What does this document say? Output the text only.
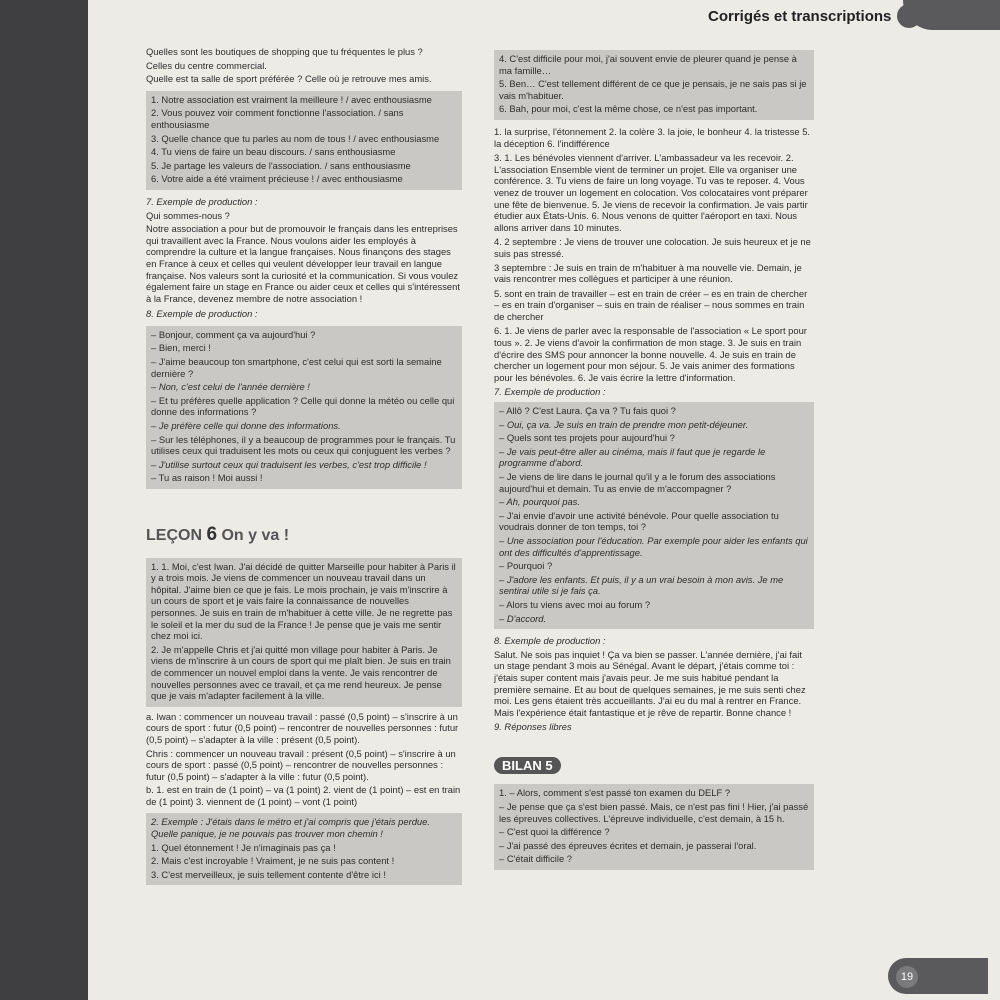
Corrigés et transcriptions
19

Quelles sont les boutiques de shopping que tu fréquentes le plus ?

Celles du centre commercial.

Quelle est ta salle de sport préférée ? Celle où je retrouve mes amis.

1. Notre association est vraiment la meilleure ! / avec enthousiasme

2. Vous pouvez voir comment fonctionne l'association. / sans enthousiasme

3. Quelle chance que tu parles au nom de tous ! / avec enthousiasme

4. Tu viens de faire un beau discours. / sans enthousiasme

5. Je partage les valeurs de l'association. / sans enthousiasme

6. Votre aide a été vraiment précieuse ! / avec enthousiasme

7. Exemple de production :

Qui sommes-nous ?

Notre association a pour but de promouvoir le français dans les entreprises qui travaillent avec la France. Nous voulons aider les employés à comprendre la culture et la langue françaises. Nous finançons des stages en France à ceux et celles qui veulent développer leur travail en langue française. Nos valeurs sont la curiosité et la communication. Si vous voulez également faire un stage en France ou aider ceux et celles qui s'intéressent à la France, devenez membre de notre association !

8. Exemple de production :

– Bonjour, comment ça va aujourd'hui ?

– Bien, merci !

– J'aime beaucoup ton smartphone, c'est celui qui est sorti la semaine dernière ?

– Non, c'est celui de l'année dernière !

– Et tu préfères quelle application ? Celle qui donne la météo ou celle qui donne des informations ?

– Je préfère celle qui donne des informations.

– Sur les téléphones, il y a beaucoup de programmes pour le français. Tu utilises ceux qui traduisent les mots ou ceux qui conjuguent les verbes ?

– J'utilise surtout ceux qui traduisent les verbes, c'est trop difficile !

– Tu as raison ! Moi aussi !

LEÇON 6 On y va !

1. 1. Moi, c'est Iwan. J'ai décidé de quitter Marseille pour habiter à Paris il y a trois mois. Je viens de commencer un nouveau travail dans un hôpital. J'aime bien ce que je fais. Le mois prochain, je vais m'inscrire à un cours de sport et je vais faire la connaissance de nouvelles personnes. Je suis en train de m'habituer à cette ville. Je ne regrette pas le soleil et la mer du sud de la France ! Je pense que je vais me sentir chez moi ici.

2. Je m'appelle Chris et j'ai quitté mon village pour habiter à Paris. Je viens de m'inscrire à un cours de sport qui me plaît bien. Je suis en train de commencer un nouvel emploi dans la vente. Je vais rencontrer de nouvelles personnes avec ce travail, et ça me rend heureux. Je pense que je vais m'adapter facilement à la ville.

a. Iwan : commencer un nouveau travail : passé (0,5 point) – s'inscrire à un cours de sport : futur (0,5 point) – rencontrer de nouvelles personnes : futur (0,5 point) – s'adapter à la ville : présent (0,5 point).

Chris : commencer un nouveau travail : présent (0,5 point) – s'inscrire à un cours de sport : passé (0,5 point) – rencontrer de nouvelles personnes : futur (0,5 point) – s'adapter à la ville : futur (0,5 point).

b. 1. est en train de (1 point) – va (1 point) 2. vient de (1 point) – est en train de (1 point) 3. viennent de (1 point) – vont (1 point)

2. Exemple : J'étais dans le métro et j'ai compris que j'étais perdue. Quelle panique, je ne pouvais pas trouver mon chemin !

1. Quel étonnement ! Je n'imaginais pas ça !

2. Mais c'est incroyable ! Vraiment, je ne suis pas content !

3. C'est merveilleux, je suis tellement contente d'être ici !

4. C'est difficile pour moi, j'ai souvent envie de pleurer quand je pense à ma famille…

5. Ben… C'est tellement différent de ce que je pensais, je ne sais pas si je vais m'habituer.

6. Bah, pour moi, c'est la même chose, ce n'est pas important.

1. la surprise, l'étonnement 2. la colère 3. la joie, le bonheur 4. la tristesse 5. la déception 6. l'indifférence

3. 1. Les bénévoles viennent d'arriver. L'ambassadeur va les recevoir. 2. L'association Ensemble vient de terminer un projet. Elle va organiser une conférence. 3. Tu viens de faire un long voyage. Tu vas te reposer. 4. Vous venez de trouver un logement en colocation. Vos colocataires vont préparer une fête de bienvenue. 5. Je viens de recevoir la confirmation. Je vais partir étudier aux États-Unis. 6. Nous venons de quitter l'aéroport en taxi. Nous allons arriver dans 10 minutes.

4. 2 septembre : Je viens de trouver une colocation. Je suis heureux et je ne suis pas stressé.

3 septembre : Je suis en train de m'habituer à ma nouvelle vie. Demain, je vais rencontrer mes collègues et participer à une réunion.

5. sont en train de travailler – est en train de créer – es en train de chercher – es en train d'organiser – suis en train de réaliser – nous sommes en train de chercher

6. 1. Je viens de parler avec la responsable de l'association « Le sport pour tous ». 2. Je viens d'avoir la confirmation de mon stage. 3. Je suis en train d'écrire des SMS pour annoncer la bonne nouvelle. 4. Je suis en train de chercher un logement pour mon séjour. 5. Je vais animer des formations pour les bénévoles. 6. Je vais écrire la lettre d'information.

7. Exemple de production :

– Allô ? C'est Laura. Ça va ? Tu fais quoi ?

– Oui, ça va. Je suis en train de prendre mon petit-déjeuner.

– Quels sont tes projets pour aujourd'hui ?

– Je vais peut-être aller au cinéma, mais il faut que je regarde le programme d'abord.

– Je viens de lire dans le journal qu'il y a le forum des associations aujourd'hui et demain. Tu as envie de m'accompagner ?

– Ah, pourquoi pas.

– J'ai envie d'avoir une activité bénévole. Pour quelle association tu voudrais donner de ton temps, toi ?

– Une association pour l'éducation. Par exemple pour aider les enfants qui ont des difficultés d'apprentissage.

– Pourquoi ?

– J'adore les enfants. Et puis, il y a un vrai besoin à mon avis. Je me sentirai utile si je fais ça.

– Alors tu viens avec moi au forum ?

– D'accord.

8. Exemple de production :

Salut. Ne sois pas inquiet ! Ça va bien se passer. L'année dernière, j'ai fait un stage pendant 3 mois au Sénégal. Avant le départ, j'étais comme toi : j'étais super content mais j'avais peur. Je me suis habitué pendant la première semaine. Et au bout de quelques semaines, je me suis senti chez moi. Les gens étaient très accueillants. J'ai eu du mal à rentrer en France. Mais l'expérience était fantastique et je rêve de repartir. Bonne chance !

9. Réponses libres

BILAN 5

1. – Alors, comment s'est passé ton examen du DELF ?

– Je pense que ça s'est bien passé. Mais, ce n'est pas fini ! Hier, j'ai passé les épreuves collectives. L'épreuve individuelle, c'est demain, à 15 h.

– C'est quoi la différence ?

– J'ai passé des épreuves écrites et demain, je passerai l'oral.

– C'était difficile ?
